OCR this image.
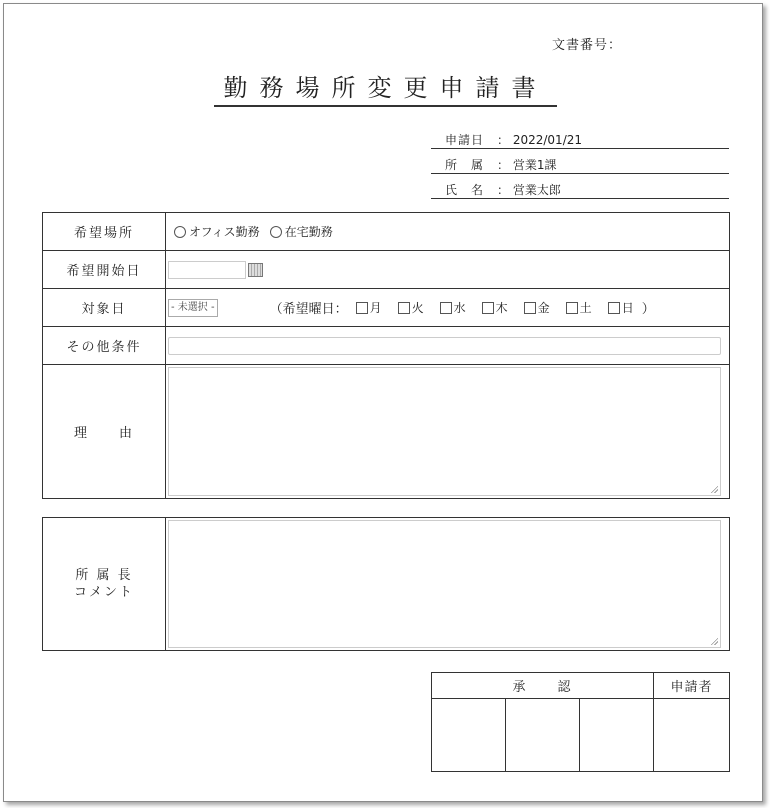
文書番号：
勤務場所変更申請書
申請日 ： 2022/01/21
所　属 ： 営業1課
氏　名 ： 営業太郎
希望場所	オフィス勤務 在宅勤務
希望開始日
対象日	- 未選択 -	（希望曜日： 月	火	水	木	金	土	日 ）
その他条件
理　　由
所 属 長
コメント
承　　認	申請者
